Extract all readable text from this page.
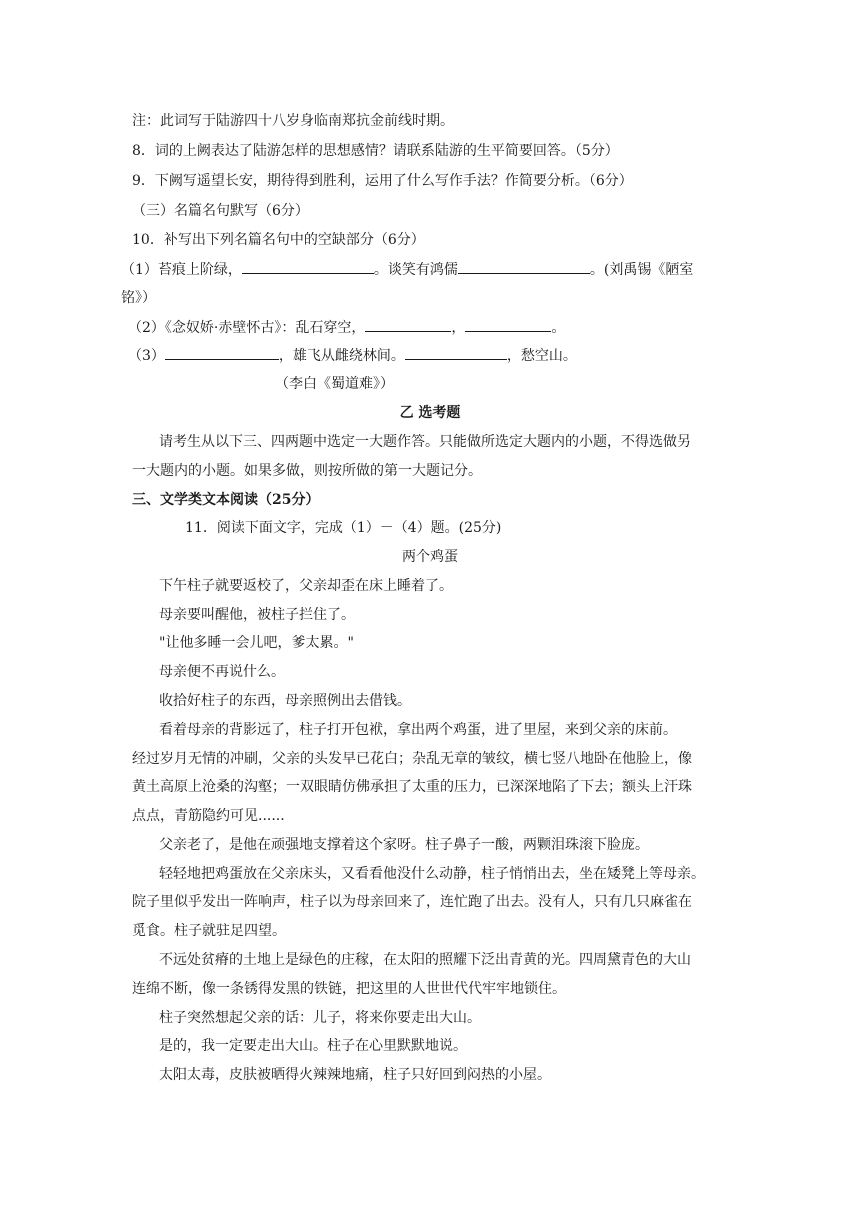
注：此词写于陆游四十八岁身临南郑抗金前线时期。
8．词的上阙表达了陆游怎样的思想感情？请联系陆游的生平简要回答。（5分）
9．下阙写遥望长安，期待得到胜利，运用了什么写作手法？作简要分析。（6分）
（三）名篇名句默写（6分）
10．补写出下列名篇名句中的空缺部分（6分）
（1）苔痕上阶绿，	。谈笑有鸿儒	。(刘禹锡《陋室
铭》）
（2）《念奴娇·赤壁怀古》：乱石穿空，	，	。
（3）	，雄飞从雌绕林间。	，愁空山。
（李白《蜀道难》）
乙 选考题
请考生从以下三、四两题中选定一大题作答。只能做所选定大题内的小题，不得选做另
一大题内的小题。如果多做，则按所做的第一大题记分。
三、文学类文本阅读（25分）
11．阅读下面文字，完成（1）－（4）题。(25分)
两个鸡蛋
下午柱子就要返校了，父亲却歪在床上睡着了。
母亲要叫醒他，被柱子拦住了。
"让他多睡一会儿吧，爹太累。"
母亲便不再说什么。
收拾好柱子的东西，母亲照例出去借钱。
看着母亲的背影远了，柱子打开包袱，拿出两个鸡蛋，进了里屋，来到父亲的床前。
经过岁月无情的冲刷，父亲的头发早已花白；杂乱无章的皱纹，横七竖八地卧在他脸上，像
黄土高原上沧桑的沟壑；一双眼睛仿佛承担了太重的压力，已深深地陷了下去；额头上汗珠
点点，青筋隐约可见......
父亲老了，是他在顽强地支撑着这个家呀。柱子鼻子一酸，两颗泪珠滚下脸庞。
轻轻地把鸡蛋放在父亲床头，又看看他没什么动静，柱子悄悄出去，坐在矮凳上等母亲。
院子里似乎发出一阵响声，柱子以为母亲回来了，连忙跑了出去。没有人，只有几只麻雀在
觅食。柱子就驻足四望。
不远处贫瘠的土地上是绿色的庄稼，在太阳的照耀下泛出青黄的光。四周黛青色的大山
连绵不断，像一条锈得发黑的铁链，把这里的人世世代代牢牢地锁住。
柱子突然想起父亲的话：儿子，将来你要走出大山。
是的，我一定要走出大山。柱子在心里默默地说。
太阳太毒，皮肤被晒得火辣辣地痛，柱子只好回到闷热的小屋。
